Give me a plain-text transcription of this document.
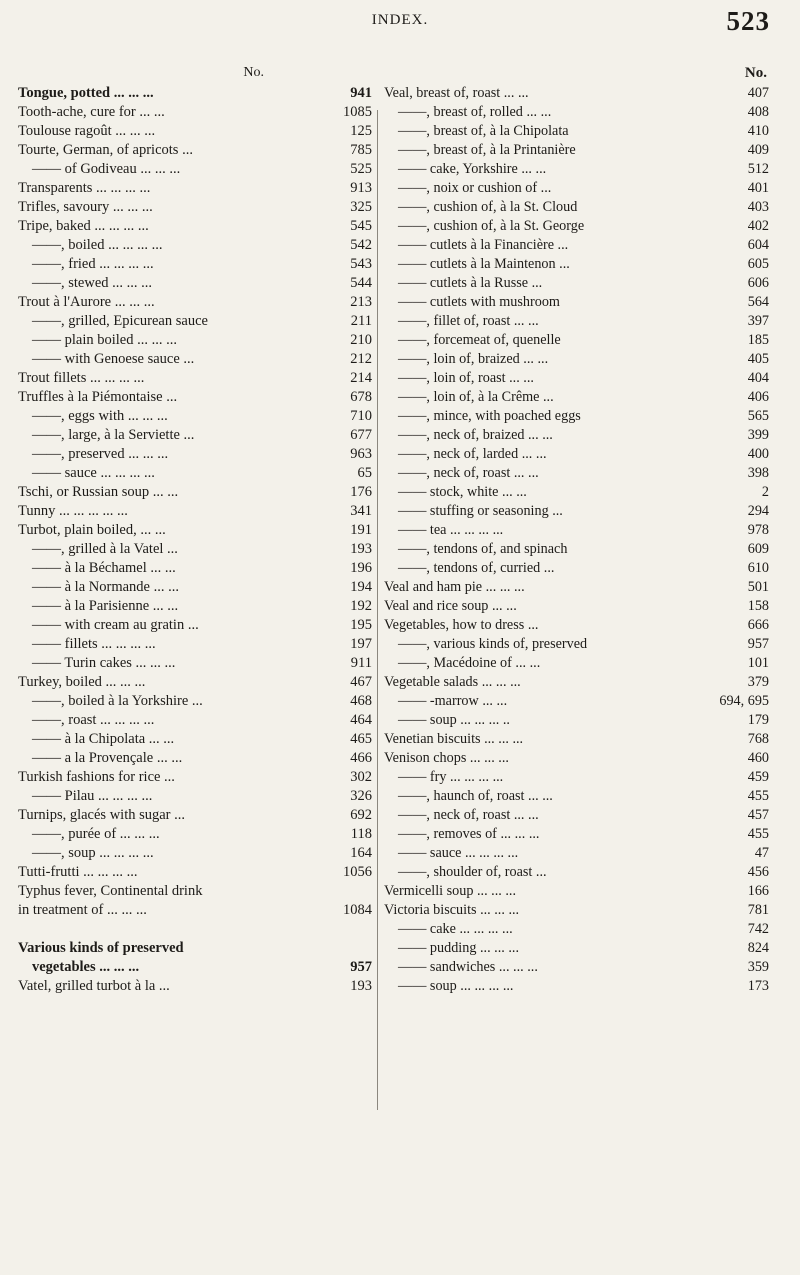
INDEX.	523
No.
Tongue, potted ... ... ...	941
Tooth-ache, cure for ... ...	1085
Toulouse ragoût ... ... ...	125
Tourte, German, of apricots ...	785
—— of Godiveau ... ... ...	525
Transparents ... ... ... ...	913
Trifles, savoury ... ... ...	325
Tripe, baked ... ... ... ...	545
——, boiled ... ... ... ...	542
——, fried ... ... ... ...	543
——, stewed ... ... ...	544
Trout à l'Aurore ... ... ...	213
——, grilled, Epicurean sauce	211
—— plain boiled ... ... ...	210
—— with Genoese sauce ...	212
Trout fillets ... ... ... ...	214
Truffles à la Piémontaise ...	678
——, eggs with ... ... ...	710
——, large, à la Serviette ...	677
——, preserved ... ... ...	963
—— sauce ... ... ... ...	65
Tschi, or Russian soup ... ...	176
Tunny ... ... ... ... ...	341
Turbot, plain boiled, ... ...	191
——, grilled à la Vatel ...	193
—— à la Béchamel ... ...	196
—— à la Normande ... ...	194
—— à la Parisienne ... ...	192
—— with cream au gratin ...	195
—— fillets ... ... ... ...	197
—— Turin cakes ... ... ...	911
Turkey, boiled ... ... ...	467
——, boiled à la Yorkshire ...	468
——, roast ... ... ... ...	464
—— à la Chipolata ... ...	465
—— a la Provençale ... ...	466
Turkish fashions for rice ...	302
—— Pilau ... ... ... ...	326
Turnips, glacés with sugar ...	692
——, purée of ... ... ...	118
——, soup ... ... ... ...	164
Tutti-frutti ... ... ... ...	1056
Typhus fever, Continental drink
in treatment of ... ... ...	1084
Various kinds of preserved
vegetables ... ... ...	957
Vatel, grilled turbot à la ...	193
No.
Veal, breast of, roast ... ...	407
——, breast of, rolled ... ...	408
——, breast of, à la Chipolata	410
——, breast of, à la Printanière	409
—— cake, Yorkshire ... ...	512
——, noix or cushion of ...	401
——, cushion of, à la St. Cloud	403
——, cushion of, à la St. George	402
—— cutlets à la Financière ...	604
—— cutlets à la Maintenon ...	605
—— cutlets à la Russe ...	606
—— cutlets with mushroom	564
——, fillet of, roast ... ...	397
——, forcemeat of, quenelle	185
——, loin of, braized ... ...	405
——, loin of, roast ... ...	404
——, loin of, à la Crême ...	406
——, mince, with poached eggs	565
——, neck of, braized ... ...	399
——, neck of, larded ... ...	400
——, neck of, roast ... ...	398
—— stock, white ... ...	2
—— stuffing or seasoning ...	294
—— tea ... ... ... ...	978
——, tendons of, and spinach	609
——, tendons of, curried ...	610
Veal and ham pie ... ... ...	501
Veal and rice soup ... ...	158
Vegetables, how to dress ...	666
——, various kinds of, preserved	957
——, Macédoine of ... ...	101
Vegetable salads ... ... ...	379
—— -marrow ... ...	694, 695
—— soup ... ... ... ..	179
Venetian biscuits ... ... ...	768
Venison chops ... ... ...	460
—— fry ... ... ... ...	459
——, haunch of, roast ... ...	455
——, neck of, roast ... ...	457
——, removes of ... ... ...	455
—— sauce ... ... ... ...	47
——, shoulder of, roast ...	456
Vermicelli soup ... ... ...	166
Victoria biscuits ... ... ...	781
—— cake ... ... ... ...	742
—— pudding ... ... ...	824
—— sandwiches ... ... ...	359
—— soup ... ... ... ...	173
